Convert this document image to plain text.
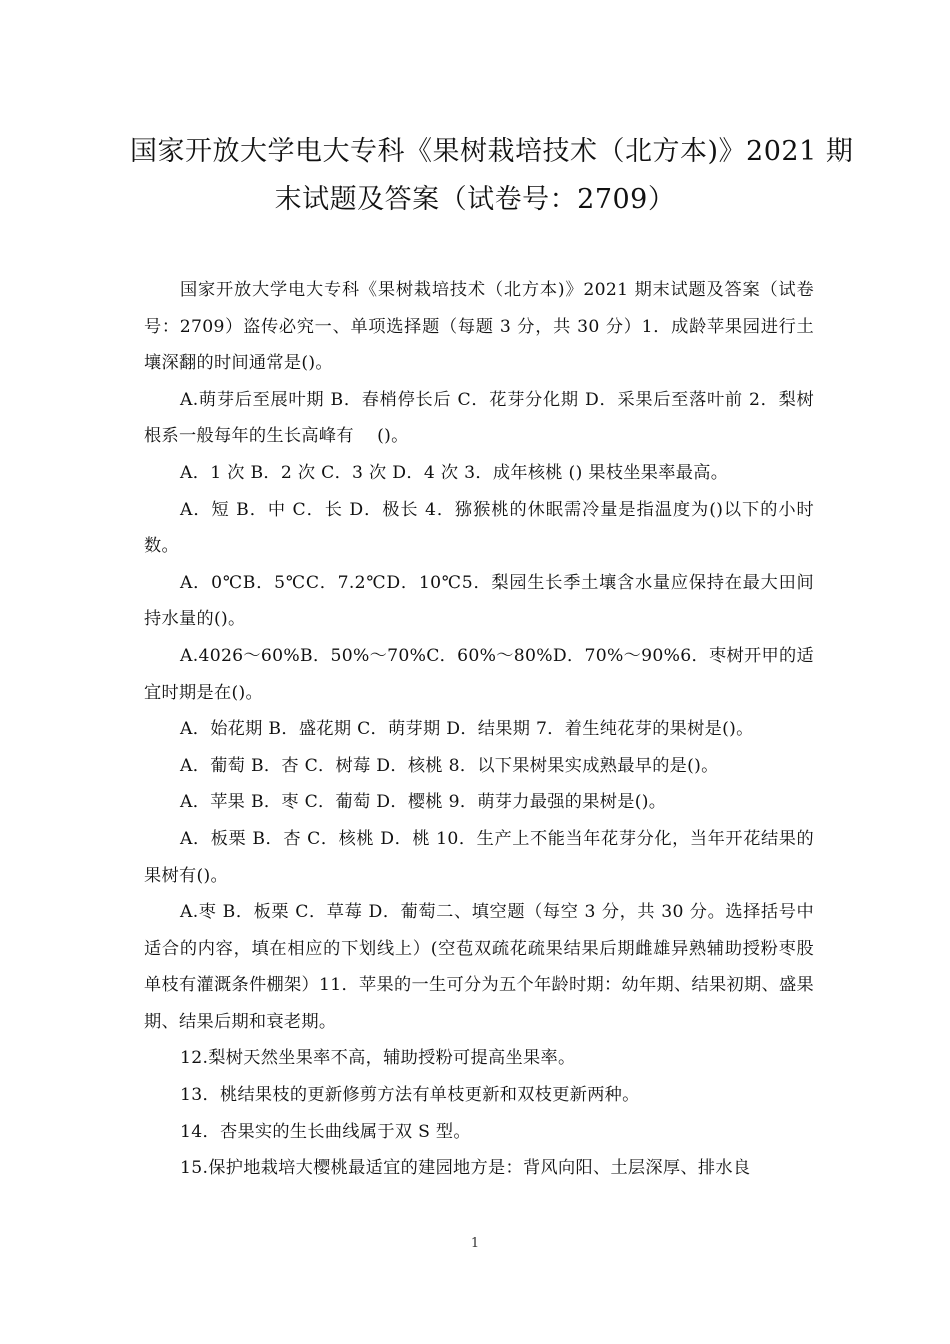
国家开放大学电大专科《果树栽培技术（北方本)》2021 期
末试题及答案（试卷号：2709）

国家开放大学电大专科《果树栽培技术（北方本)》2021 期末试题及答案（试卷号：2709）盗传必究一、单项选择题（每题 3 分，共 30 分）1．成龄苹果园进行土壤深翻的时间通常是()。

A.萌芽后至展叶期 B．春梢停长后 C．花芽分化期 D．采果后至落叶前 2．梨树根系一般每年的生长高峰有　 ()。

A．1 次 B．2 次 C．3 次 D．4 次 3．成年核桃 () 果枝坐果率最高。

A．短 B．中 C．长 D．极长 4．猕猴桃的休眠需冷量是指温度为()以下的小时数。

A．0℃B．5℃C．7.2℃D．10℃5．梨园生长季土壤含水量应保持在最大田间持水量的()。

A.4026～60%B．50%～70%C．60%～80%D．70%～90%6．枣树开甲的适宜时期是在()。

A．始花期 B．盛花期 C．萌芽期 D．结果期 7．着生纯花芽的果树是()。

A．葡萄 B．杏 C．树莓 D．核桃 8．以下果树果实成熟最早的是()。

A．苹果 B．枣 C．葡萄 D．樱桃 9．萌芽力最强的果树是()。

A．板栗 B．杏 C．核桃 D．桃 10．生产上不能当年花芽分化，当年开花结果的果树有()。

A.枣 B．板栗 C．草莓 D．葡萄二、填空题（每空 3 分，共 30 分。选择括号中适合的内容，填在相应的下划线上）(空苞双疏花疏果结果后期雌雄异熟辅助授粉枣股单枝有灌溉条件棚架）11．苹果的一生可分为五个年龄时期：幼年期、结果初期、盛果期、结果后期和衰老期。

12.梨树天然坐果率不高，辅助授粉可提高坐果率。

13．桃结果枝的更新修剪方法有单枝更新和双枝更新两种。

14．杏果实的生长曲线属于双 S 型。

15.保护地栽培大樱桃最适宜的建园地方是：背风向阳、土层深厚、排水良

1
